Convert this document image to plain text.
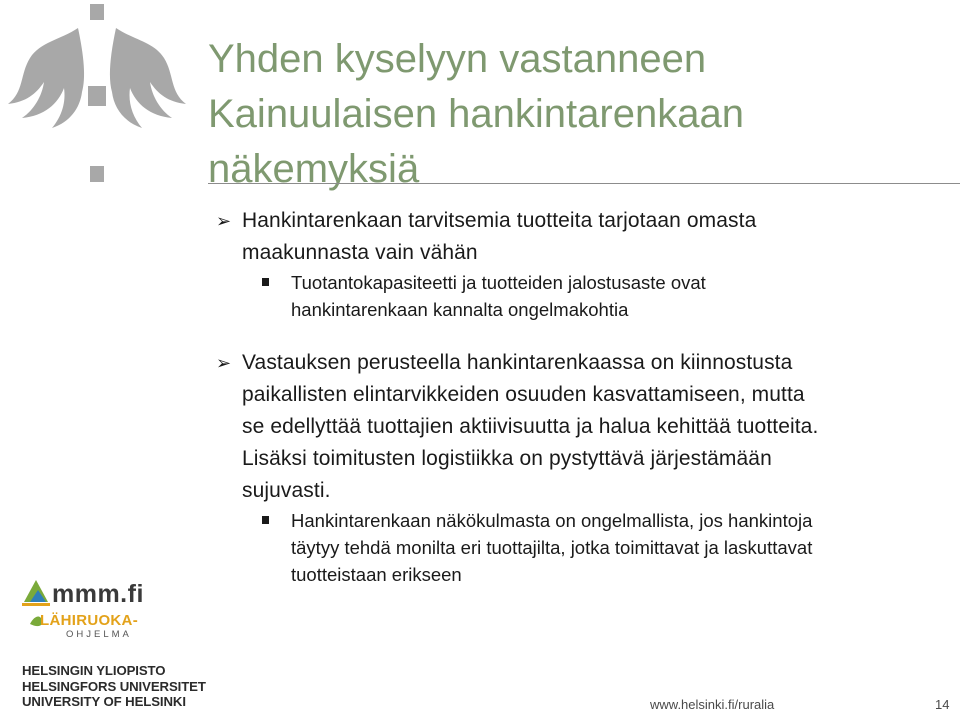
Yhden kyselyyn vastanneen
Kainuulaisen hankintarenkaan
näkemyksiä
➢ Hankintarenkaan tarvitsemia tuotteita tarjotaan omasta
maakunnasta vain vähän
Tuotantokapasiteetti ja tuotteiden jalostusaste ovat
hankintarenkaan kannalta ongelmakohtia
➢ Vastauksen perusteella hankintarenkaassa on kiinnostusta
paikallisten elintarvikkeiden osuuden kasvattamiseen, mutta
se edellyttää tuottajien aktiivisuutta ja halua kehittää tuotteita.
Lisäksi toimitusten logistiikka on pystyttävä järjestämään
sujuvasti.
Hankintarenkaan näkökulmasta on ongelmallista, jos hankintoja
täytyy tehdä monilta eri tuottajilta, jotka toimittavat ja laskuttavat
tuotteistaan erikseen
mmm.fi
LÄHIRUOKA-
OHJELMA
HELSINGIN YLIOPISTO
HELSINGFORS UNIVERSITET
UNIVERSITY OF HELSINKI	www.helsinki.fi/ruralia	14
